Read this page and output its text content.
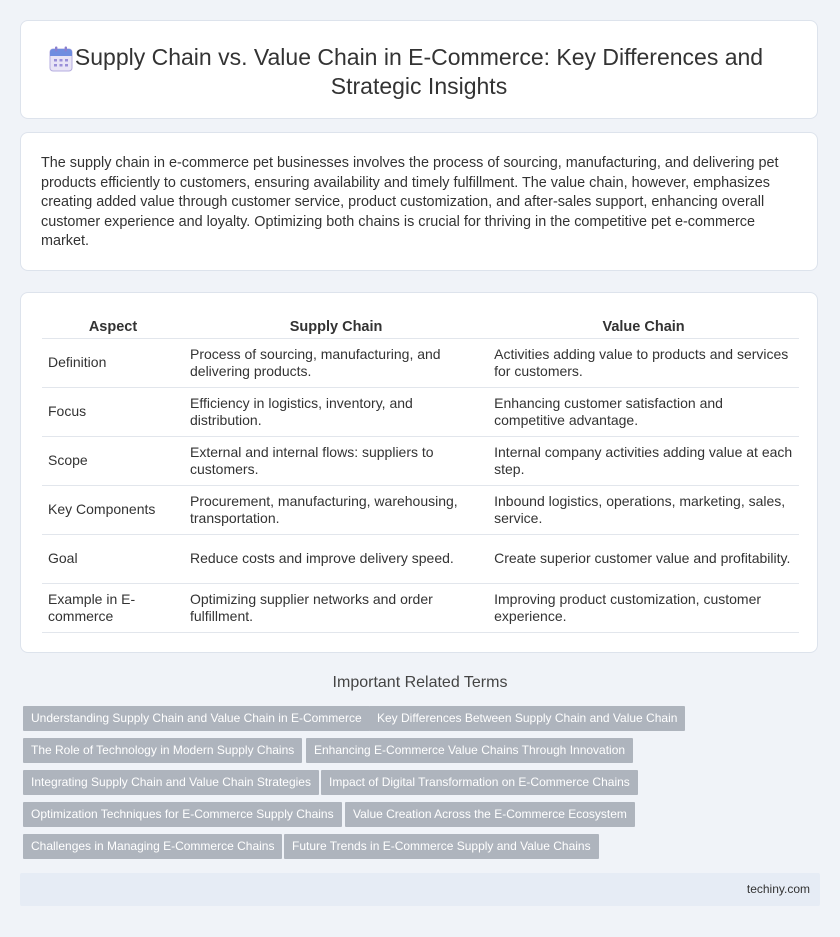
Supply Chain vs. Value Chain in E-Commerce: Key Differences and Strategic Insights

The supply chain in e-commerce pet businesses involves the process of sourcing, manufacturing, and delivering pet products efficiently to customers, ensuring availability and timely fulfillment. The value chain, however, emphasizes creating added value through customer service, product customization, and after-sales support, enhancing overall customer experience and loyalty. Optimizing both chains is crucial for thriving in the competitive pet e-commerce market.

Aspect	Supply Chain	Value Chain
Definition	Process of sourcing, manufacturing, and delivering products.	Activities adding value to products and services for customers.
Focus	Efficiency in logistics, inventory, and distribution.	Enhancing customer satisfaction and competitive advantage.
Scope	External and internal flows: suppliers to customers.	Internal company activities adding value at each step.
Key Components	Procurement, manufacturing, warehousing, transportation.	Inbound logistics, operations, marketing, sales, service.
Goal	Reduce costs and improve delivery speed.	Create superior customer value and profitability.
Example in E-commerce	Optimizing supplier networks and order fulfillment.	Improving product customization, customer experience.
Important Related Terms
Understanding Supply Chain and Value Chain in E-Commerce	Key Differences Between Supply Chain and Value Chain
The Role of Technology in Modern Supply Chains	Enhancing E-Commerce Value Chains Through Innovation
Integrating Supply Chain and Value Chain Strategies	Impact of Digital Transformation on E-Commerce Chains
Optimization Techniques for E-Commerce Supply Chains	Value Creation Across the E-Commerce Ecosystem
Challenges in Managing E-Commerce Chains	Future Trends in E-Commerce Supply and Value Chains
techiny.com
